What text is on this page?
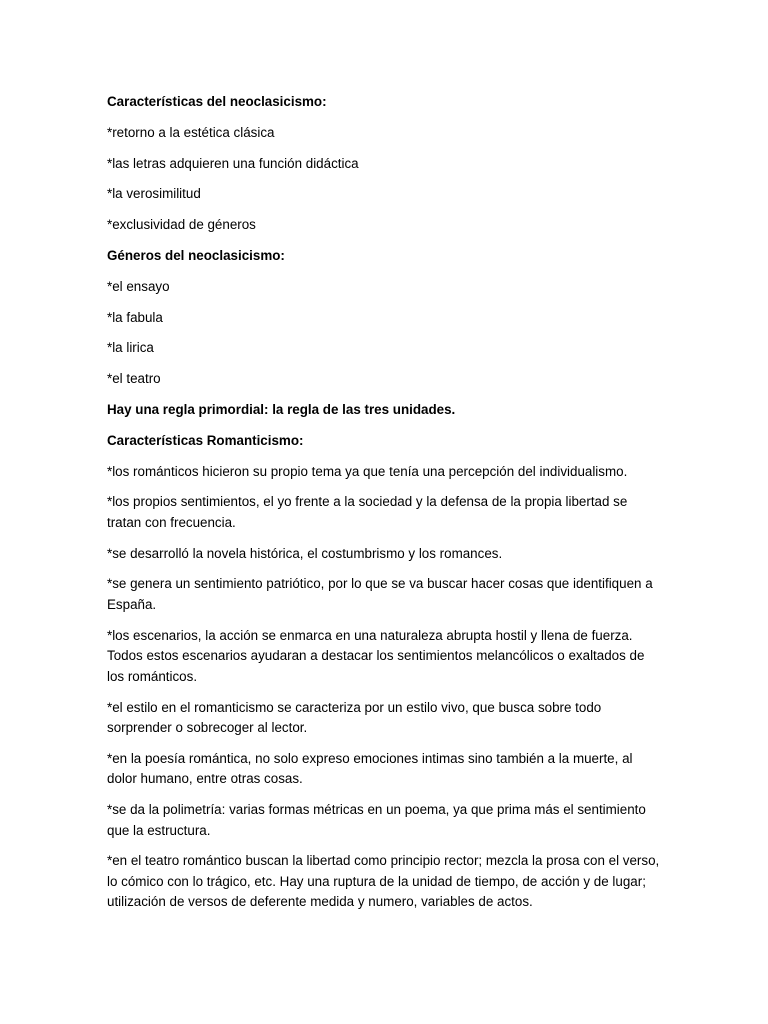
Características del neoclasicismo:

*retorno a la estética clásica

*las letras adquieren una función didáctica

*la verosimilitud

*exclusividad de géneros

Géneros del neoclasicismo:

*el ensayo

*la fabula

*la lirica

*el teatro

Hay una regla primordial: la regla de las tres unidades.

Características Romanticismo:

*los románticos hicieron su propio tema ya que tenía una percepción del individualismo.

*los propios sentimientos, el yo frente a la sociedad y la defensa de la propia libertad se tratan con frecuencia.

*se desarrolló la novela histórica, el costumbrismo y los romances.

*se genera un sentimiento patriótico, por lo que se va buscar hacer cosas que identifiquen a España.

*los escenarios, la acción se enmarca en una naturaleza abrupta hostil y llena de fuerza. Todos estos escenarios ayudaran a destacar los sentimientos melancólicos o exaltados de los románticos.

*el estilo en el romanticismo se caracteriza por un estilo vivo, que busca sobre todo sorprender o sobrecoger al lector.

*en la poesía romántica, no solo expreso emociones intimas sino también a la muerte, al dolor humano, entre otras cosas.

*se da la polimetría: varias formas métricas en un poema, ya que prima más el sentimiento que la estructura.

*en el teatro romántico buscan la libertad como principio rector; mezcla la prosa con el verso, lo cómico con lo trágico, etc. Hay una ruptura de la unidad de tiempo, de acción y de lugar; utilización de versos de deferente medida y numero, variables de actos.
